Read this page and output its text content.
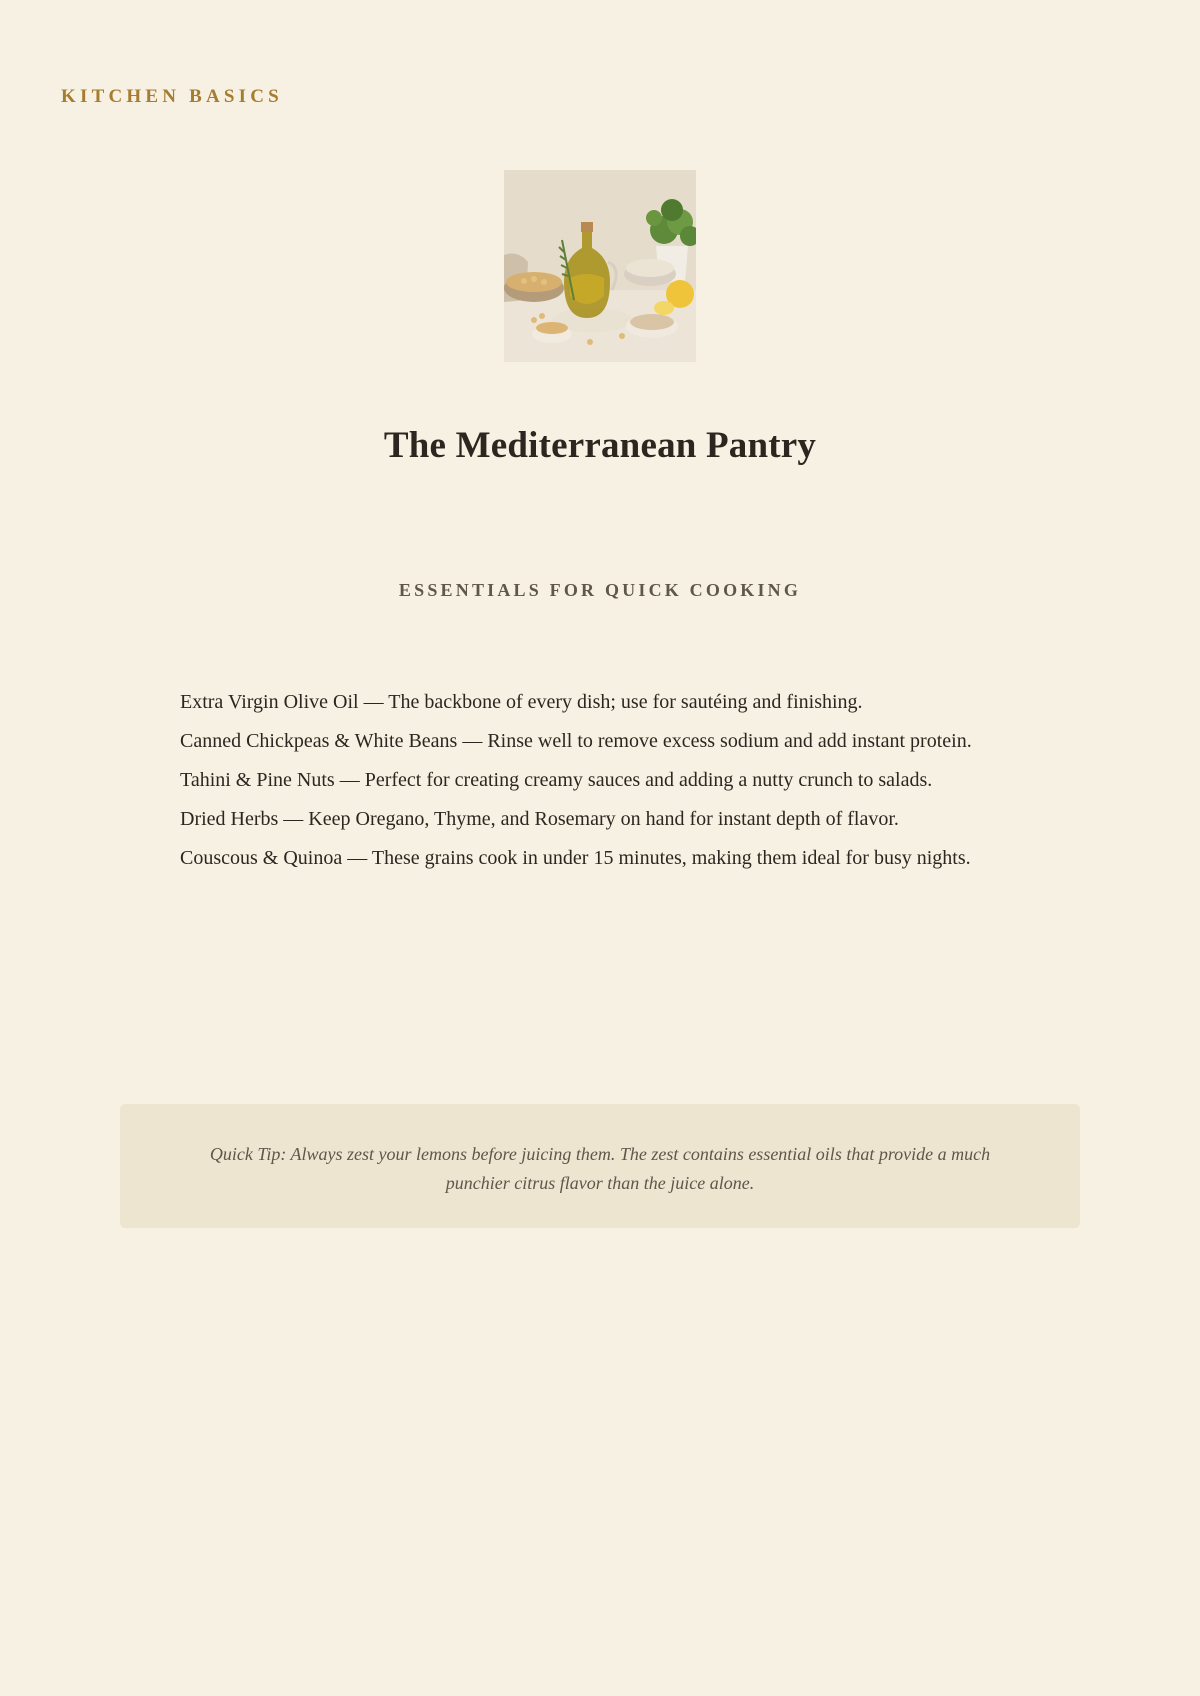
KITCHEN BASICS
The Mediterranean Pantry
ESSENTIALS FOR QUICK COOKING
Extra Virgin Olive Oil — The backbone of every dish; use for sautéing and finishing.
Canned Chickpeas & White Beans — Rinse well to remove excess sodium and add instant protein.
Tahini & Pine Nuts — Perfect for creating creamy sauces and adding a nutty crunch to salads.
Dried Herbs — Keep Oregano, Thyme, and Rosemary on hand for instant depth of flavor.
Couscous & Quinoa — These grains cook in under 15 minutes, making them ideal for busy nights.
Quick Tip: Always zest your lemons before juicing them. The zest contains essential oils that provide a much punchier citrus flavor than the juice alone.
